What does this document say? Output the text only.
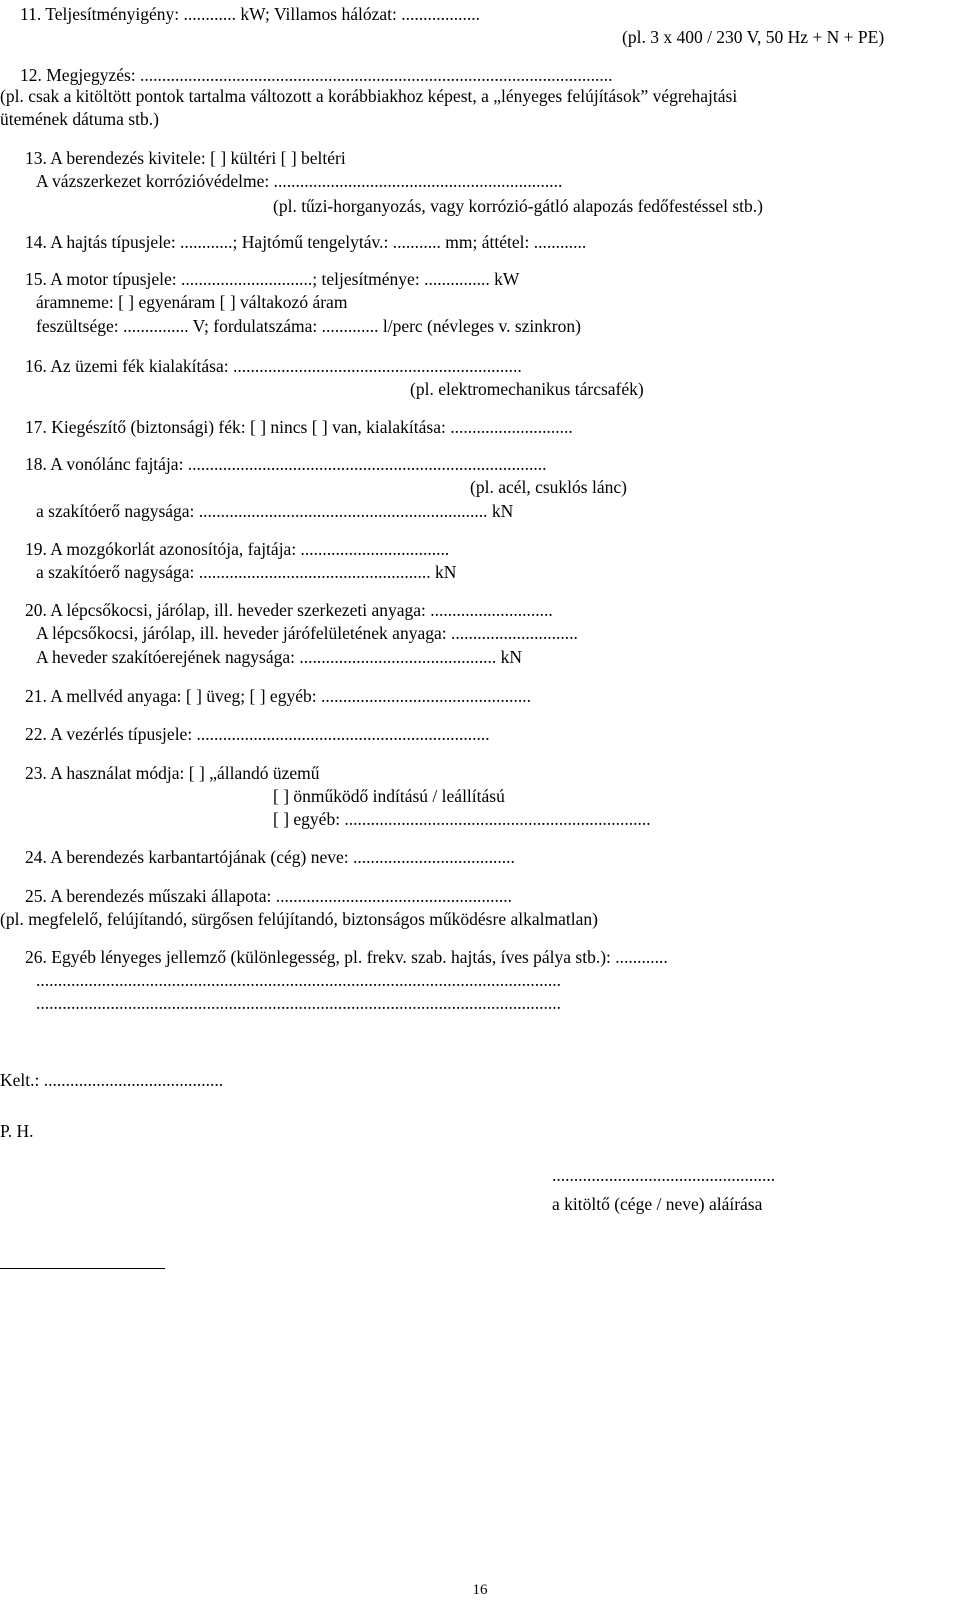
11. Teljesítményigény: ............ kW; Villamos hálózat: ..................
(pl. 3 x 400 / 230 V, 50 Hz + N + PE)
12. Megjegyzés: ............................................................................................................
(pl. csak a kitöltött pontok tartalma változott a korábbiakhoz képest, a „lényeges felújítások” végrehajtási
ütemének dátuma stb.)
13. A berendezés kivitele: [ ] kültéri [ ] beltéri
A vázszerkezet korrózióvédelme: ..................................................................
(pl. tűzi-horganyozás, vagy korrózió-gátló alapozás fedőfestéssel stb.)
14. A hajtás típusjele: ............; Hajtómű tengelytáv.: ........... mm; áttétel: ............
15. A motor típusjele: ..............................; teljesítménye: ............... kW
áramneme: [ ] egyenáram [ ] váltakozó áram
feszültsége: ............... V; fordulatszáma: ............. l/perc (névleges v. szinkron)
16. Az üzemi fék kialakítása: ..................................................................
(pl. elektromechanikus tárcsafék)
17. Kiegészítő (biztonsági) fék: [ ] nincs [ ] van, kialakítása: ............................
18. A vonólánc fajtája: ..................................................................................
(pl. acél, csuklós lánc)
a szakítóerő nagysága: .................................................................. kN
19. A mozgókorlát azonosítója, fajtája: ..................................
a szakítóerő nagysága: ..................................................... kN
20. A lépcsőkocsi, járólap, ill. heveder szerkezeti anyaga: ............................
A lépcsőkocsi, járólap, ill. heveder járófelületének anyaga: .............................
A heveder szakítóerejének nagysága: ............................................. kN
21. A mellvéd anyaga: [ ] üveg; [ ] egyéb: ................................................
22. A vezérlés típusjele: ...................................................................
23. A használat módja: [ ] „állandó üzemű
[ ] önműködő indítású / leállítású
[ ] egyéb: ......................................................................
24. A berendezés karbantartójának (cég) neve: .....................................
25. A berendezés műszaki állapota: ......................................................
(pl. megfelelő, felújítandó, sürgősen felújítandó, biztonságos működésre alkalmatlan)
26. Egyéb lényeges jellemző (különlegesség, pl. frekv. szab. hajtás, íves pálya stb.): ............
........................................................................................................................
........................................................................................................................
Kelt.: .........................................
P. H.
...................................................
a kitöltő (cége / neve) aláírása
16
